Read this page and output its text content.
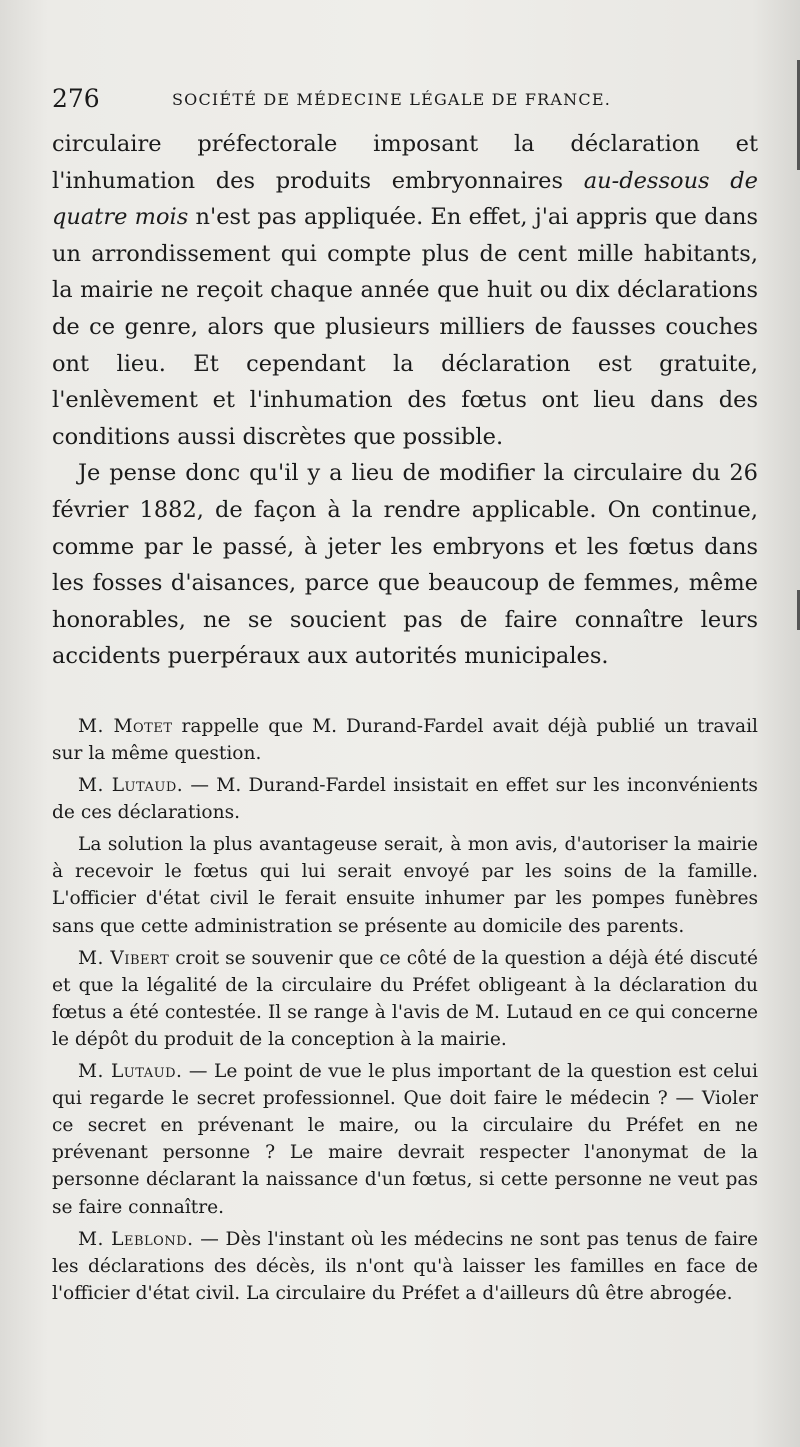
276	SOCIÉTÉ DE MÉDECINE LÉGALE DE FRANCE.

circulaire préfectorale imposant la déclaration et l'inhumation des produits embryonnaires au-dessous de quatre mois n'est pas appliquée. En effet, j'ai appris que dans un arrondissement qui compte plus de cent mille habitants, la mairie ne reçoit chaque année que huit ou dix déclarations de ce genre, alors que plusieurs milliers de fausses couches ont lieu. Et cependant la déclaration est gratuite, l'enlèvement et l'inhumation des fœtus ont lieu dans des conditions aussi discrètes que possible.

Je pense donc qu'il y a lieu de modifier la circulaire du 26 février 1882, de façon à la rendre applicable. On continue, comme par le passé, à jeter les embryons et les fœtus dans les fosses d'aisances, parce que beaucoup de femmes, même honorables, ne se soucient pas de faire connaître leurs accidents puerpéraux aux autorités municipales.

M. Motet rappelle que M. Durand-Fardel avait déjà publié un travail sur la même question.

M. Lutaud. — M. Durand-Fardel insistait en effet sur les inconvénients de ces déclarations.

La solution la plus avantageuse serait, à mon avis, d'autoriser la mairie à recevoir le fœtus qui lui serait envoyé par les soins de la famille. L'officier d'état civil le ferait ensuite inhumer par les pompes funèbres sans que cette administration se présente au domicile des parents.

M. Vibert croit se souvenir que ce côté de la question a déjà été discuté et que la légalité de la circulaire du Préfet obligeant à la déclaration du fœtus a été contestée. Il se range à l'avis de M. Lutaud en ce qui concerne le dépôt du produit de la conception à la mairie.

M. Lutaud. — Le point de vue le plus important de la question est celui qui regarde le secret professionnel. Que doit faire le médecin ? — Violer ce secret en prévenant le maire, ou la circulaire du Préfet en ne prévenant personne ? Le maire devrait respecter l'anonymat de la personne déclarant la naissance d'un fœtus, si cette personne ne veut pas se faire connaître.

M. Leblond. — Dès l'instant où les médecins ne sont pas tenus de faire les déclarations des décès, ils n'ont qu'à laisser les familles en face de l'officier d'état civil. La circulaire du Préfet a d'ailleurs dû être abrogée.
